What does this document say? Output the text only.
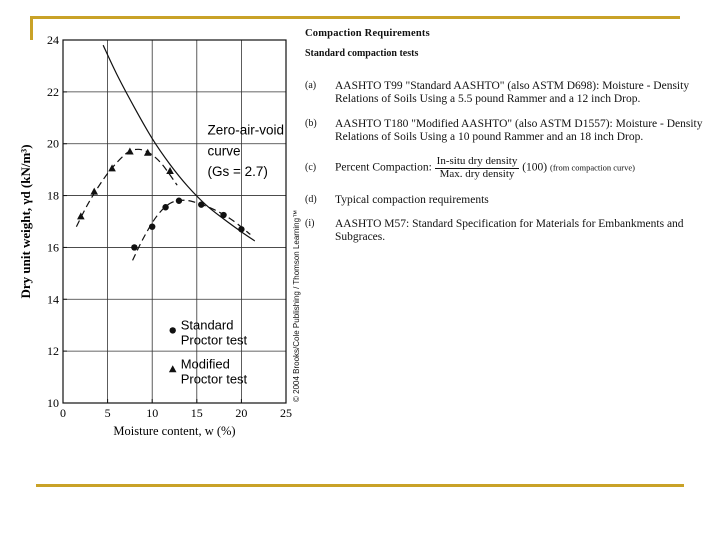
0	5	10	15	20	25
10
12
14
16
18
20
22
24
Moisture content, w (%)
Dry unit weight, γd (kN/m³)
Zero-air-void
curve
(Gs = 2.7)
Standard
Proctor test
Modified
Proctor test	© 2004 Brooks/Cole Publishing / Thomson Learning™
Compaction Requirements
Standard compaction tests
(a) AASHTO T99 "Standard AASHTO" (also ASTM D698): Moisture - Density Relations of Soils Using a 5.5 pound Rammer and a 12 inch Drop.
(b) AASHTO T180 "Modified AASHTO" (also ASTM D1557): Moisture - Density Relations of Soils Using a 10 pound Rammer and an 18 inch Drop.
(c) Percent Compaction: $\frac{\text{In-situ dry density}}{\text{Max. dry density}} (100)$ (from compaction curve)
(d) Typical compaction requirements
(i) AASHTO M57: Standard Specification for Materials for Embankments and Subgraces.
